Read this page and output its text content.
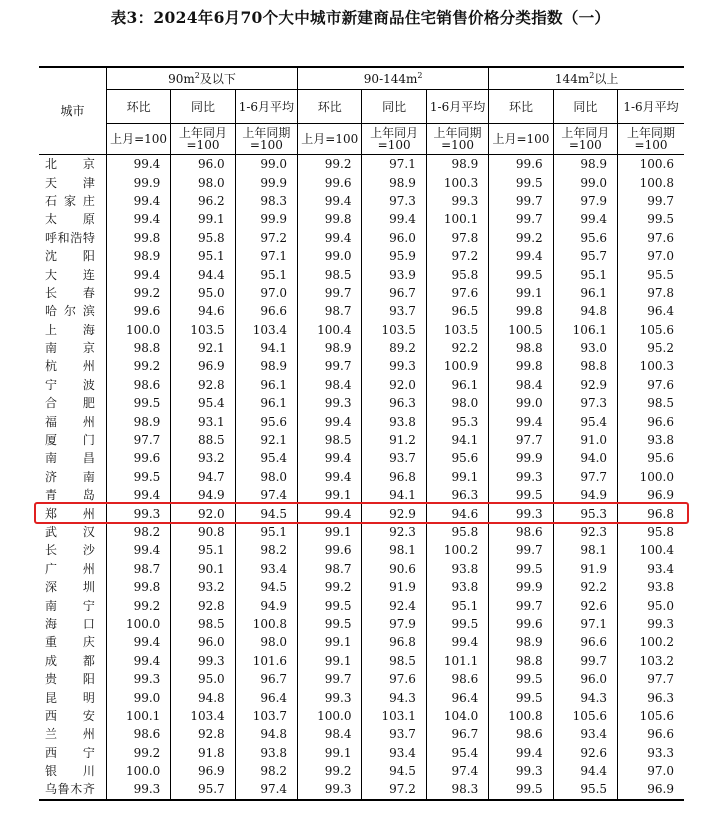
表3：2024年6月70个大中城市新建商品住宅销售价格分类指数（一）
城市	$90m^2$及以下			$90-144m^2$			$144m^2$以上		
	环比	同比	1-6月平均	环比	同比	1-6月平均	环比	同比	1-6月平均
	上月=100	上年同月=100	上年同期=100	上月=100	上年同月=100	上年同期=100	上月=100	上年同月=100	上年同期=100
北京	99.4	96.0	99.0	99.2	97.1	98.9	99.6	98.9	100.6
天津	99.9	98.0	99.9	99.6	98.9	100.3	99.5	99.0	100.8
石家庄	99.4	96.2	98.3	99.4	97.3	99.3	99.7	97.9	99.7
太原	99.4	99.1	99.9	99.8	99.4	100.1	99.7	99.4	99.5
呼和浩特	99.8	95.8	97.2	99.4	96.0	97.8	99.2	95.6	97.6
沈阳	98.9	95.1	97.1	99.0	95.9	97.2	99.4	95.7	97.0
大连	99.4	94.4	95.1	98.5	93.9	95.8	99.5	95.1	95.5
长春	99.2	95.0	97.0	99.7	96.7	97.6	99.1	96.1	97.8
哈尔滨	99.6	94.6	96.6	98.7	93.7	96.5	99.8	94.8	96.4
上海	100.0	103.5	103.4	100.4	103.5	103.5	100.5	106.1	105.6
南京	98.8	92.1	94.1	98.9	89.2	92.2	98.8	93.0	95.2
杭州	99.2	96.9	98.9	99.7	99.3	100.9	99.8	98.8	100.3
宁波	98.6	92.8	96.1	98.4	92.0	96.1	98.4	92.9	97.6
合肥	99.5	95.4	96.1	99.3	96.3	98.0	99.0	97.3	98.5
福州	98.9	93.1	95.6	99.4	93.8	95.3	99.4	95.4	96.6
厦门	97.7	88.5	92.1	98.5	91.2	94.1	97.7	91.0	93.8
南昌	99.6	93.2	95.4	99.4	93.7	95.6	99.9	94.0	95.6
济南	99.5	94.7	98.0	99.4	96.8	99.1	99.3	97.7	100.0
青岛	99.4	94.9	97.4	99.1	94.1	96.3	99.5	94.9	96.9
郑州	99.3	92.0	94.5	99.4	92.9	94.6	99.3	95.3	96.8
武汉	98.2	90.8	95.1	99.1	92.3	95.8	98.6	92.3	95.8
长沙	99.4	95.1	98.2	99.6	98.1	100.2	99.7	98.1	100.4
广州	98.7	90.1	93.4	98.7	90.6	93.8	99.5	91.9	93.4
深圳	99.8	93.2	94.5	99.2	91.9	93.8	99.9	92.2	93.8
南宁	99.2	92.8	94.9	99.5	92.4	95.1	99.7	92.6	95.0
海口	100.0	98.5	100.8	99.5	97.9	99.5	99.6	97.1	99.3
重庆	99.4	96.0	98.0	99.1	96.8	99.4	98.9	96.6	100.2
成都	99.4	99.3	101.6	99.1	98.5	101.1	98.8	99.7	103.2
贵阳	99.3	95.0	96.7	99.7	97.6	98.6	99.5	96.0	97.7
昆明	99.0	94.8	96.4	99.3	94.3	96.4	99.5	94.3	96.3
西安	100.1	103.4	103.7	100.0	103.1	104.0	100.8	105.6	105.6
兰州	98.6	92.8	94.8	98.4	93.7	96.7	98.6	93.4	96.6
西宁	99.2	91.8	93.8	99.1	93.4	95.4	99.4	92.6	93.3
银川	100.0	96.9	98.2	99.2	94.5	97.4	99.3	94.4	97.0
乌鲁木齐	99.3	95.7	97.4	99.3	97.2	98.3	99.5	95.5	96.9
